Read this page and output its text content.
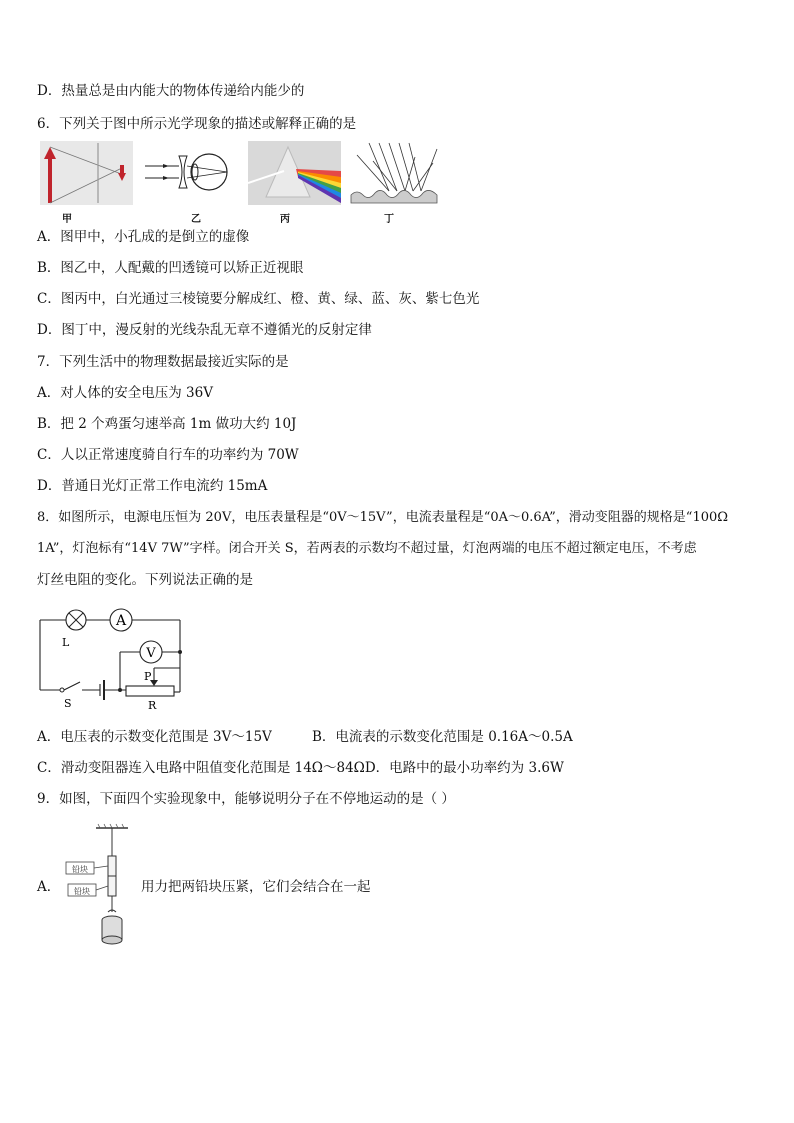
D．热量总是由内能大的物体传递给内能少的
6．下列关于图中所示光学现象的描述或解释正确的是
甲	乙	丙	丁
A．图甲中，小孔成的是倒立的虚像
B．图乙中，人配戴的凹透镜可以矫正近视眼
C．图丙中，白光通过三棱镜要分解成红、橙、黄、绿、蓝、灰、紫七色光
D．图丁中，漫反射的光线杂乱无章不遵循光的反射定律
7．下列生活中的物理数据最接近实际的是
A．对人体的安全电压为 36V
B．把 2 个鸡蛋匀速举高 1m 做功大约 10J
C．人以正常速度骑自行车的功率约为 70W
D．普通日光灯正常工作电流约 15mA
8．如图所示，电源电压恒为 20V，电压表量程是“0V～15V”，电流表量程是“0A～0.6A”，滑动变阻器的规格是“100Ω
1A”，灯泡标有“14V 7W”字样。闭合开关 S，若两表的示数均不超过量，灯泡两端的电压不超过额定电压，不考虑
灯丝电阻的变化。下列说法正确的是
A
V
L
S
P
R
A．电压表的示数变化范围是 3V～15V	B．电流表的示数变化范围是 0.16A～0.5A
C．滑动变阻器连入电路中阻值变化范围是 14Ω～84ΩD．电路中的最小功率约为 3.6W
9．如图，下面四个实验现象中，能够说明分子在不停地运动的是（ ）
A．
铅块
铅块	用力把两铅块压紧，它们会结合在一起
